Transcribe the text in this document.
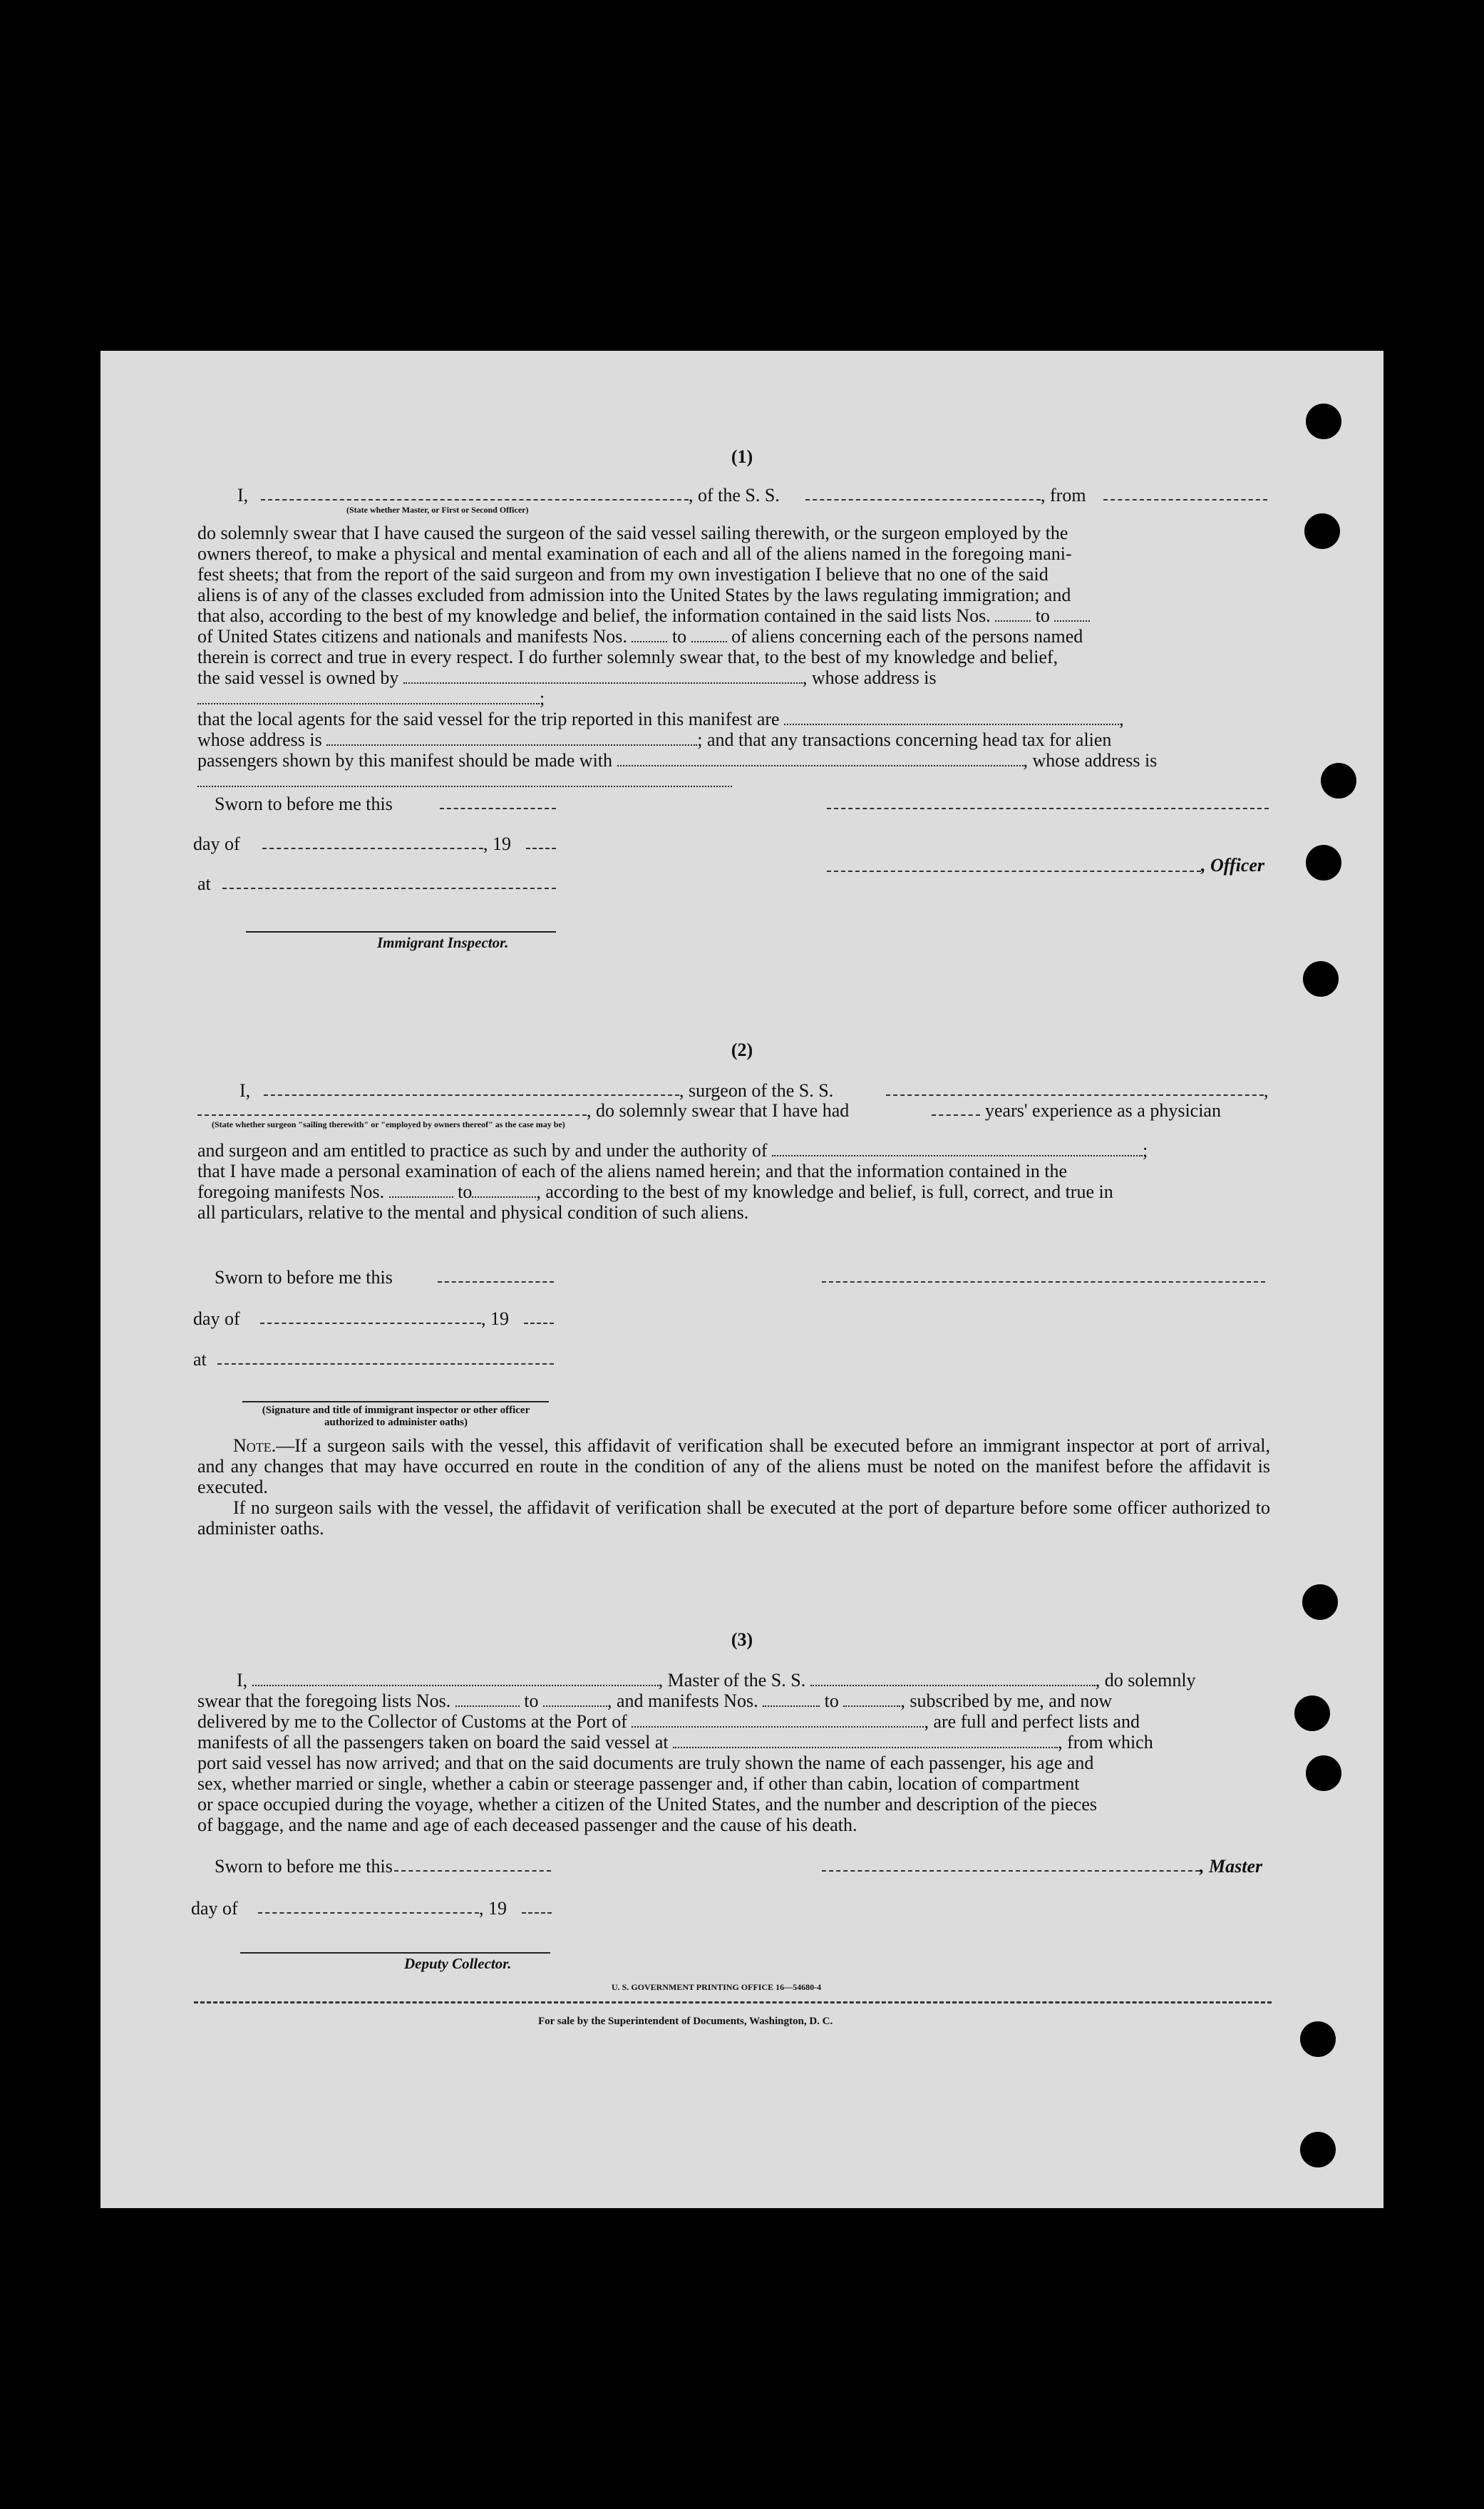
(1)
I,	, of the S. S.	, from
(State whether Master, or First or Second Officer)

do solemnly swear that I have caused the surgeon of the said vessel sailing therewith, or the surgeon employed by the

owners thereof, to make a physical and mental examination of each and all of the aliens named in the foregoing mani-

fest sheets; that from the report of the said surgeon and from my own investigation I believe that no one of the said

aliens is of any of the classes excluded from admission into the United States by the laws regulating immigration; and

that also, according to the best of my knowledge and belief, the information contained in the said lists Nos. to

of United States citizens and nationals and manifests Nos. to of aliens concerning each of the persons named

therein is correct and true in every respect. I do further solemnly swear that, to the best of my knowledge and belief,

the said vessel is owned by	, whose address is ;

that the local agents for the said vessel for the trip reported in this manifest are	,

whose address is	; and that any transactions concerning head tax for alien

passengers shown by this manifest should be made with	, whose address is

Sworn to before me this
day of	, 19
, Officer
at
Immigrant Inspector.
(2)
I,	, surgeon of the S. S.	,
, do solemnly swear that I have had	years' experience as a physician
(State whether surgeon "sailing therewith" or "employed by owners thereof" as the case may be)

and surgeon and am entitled to practice as such by and under the authority of	;

that I have made a personal examination of each of the aliens named herein; and that the information contained in the

foregoing manifests Nos.	to	, according to the best of my knowledge and belief, is full, correct, and true in

all particulars, relative to the mental and physical condition of such aliens.

Sworn to before me this
day of	, 19
at
(Signature and title of immigrant inspector or other officer authorized to administer oaths)

Note.—If a surgeon sails with the vessel, this affidavit of verification shall be executed before an immigrant inspector at port of arrival, and any changes that may have occurred en route in the condition of any of the aliens must be noted on the manifest before the affidavit is executed.

If no surgeon sails with the vessel, the affidavit of verification shall be executed at the port of departure before some officer authorized to administer oaths.

(3)

I,	, Master of the S. S.	, do solemnly

swear that the foregoing lists Nos.	to	, and manifests Nos.	to	, subscribed by me, and now

delivered by me to the Collector of Customs at the Port of	, are full and perfect lists and

manifests of all the passengers taken on board the said vessel at	, from which

port said vessel has now arrived; and that on the said documents are truly shown the name of each passenger, his age and

sex, whether married or single, whether a cabin or steerage passenger and, if other than cabin, location of compartment

or space occupied during the voyage, whether a citizen of the United States, and the number and description of the pieces

of baggage, and the name and age of each deceased passenger and the cause of his death.

Sworn to before me this	, Master
day of	, 19
Deputy Collector.
U. S. GOVERNMENT PRINTING OFFICE 16—54680-4
For sale by the Superintendent of Documents, Washington, D. C.
